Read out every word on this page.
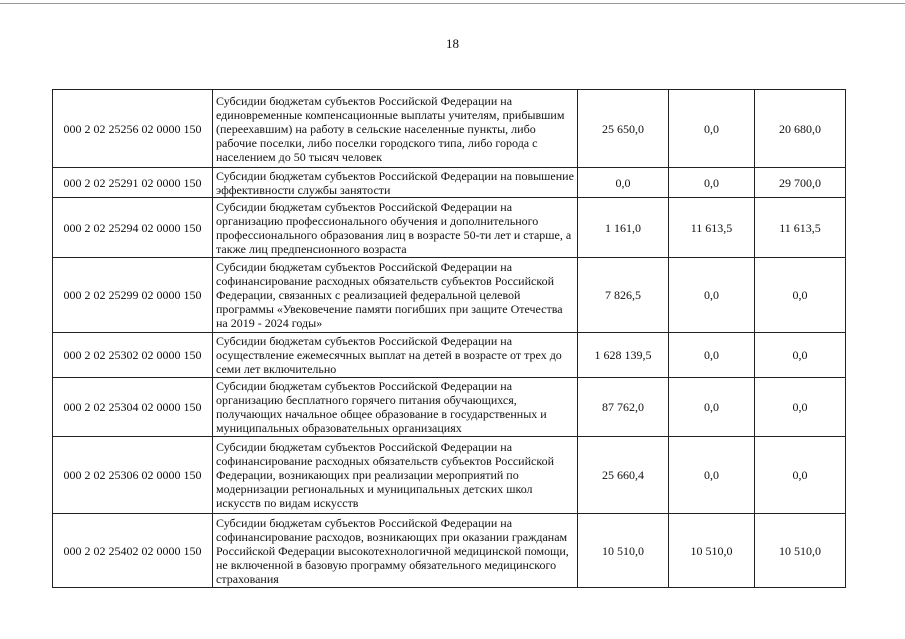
18
000 2 02 25256 02 0000 150	Субсидии бюджетам субъектов Российской Федерации на единовременные компенсационные выплаты учителям, прибывшим (переехавшим) на работу в сельские населенные пункты, либо рабочие поселки, либо поселки городского типа, либо города с населением до 50 тысяч человек	25 650,0	0,0	20 680,0
000 2 02 25291 02 0000 150	Субсидии бюджетам субъектов Российской Федерации на повышение эффективности службы занятости	0,0	0,0	29 700,0
000 2 02 25294 02 0000 150	Субсидии бюджетам субъектов Российской Федерации на организацию профессионального обучения и дополнительного профессионального образования лиц в возрасте 50-ти лет и старше, а также лиц предпенсионного возраста	1 161,0	11 613,5	11 613,5
000 2 02 25299 02 0000 150	Субсидии бюджетам субъектов Российской Федерации на софинансирование расходных обязательств субъектов Российской Федерации, связанных с реализацией федеральной целевой программы «Увековечение памяти погибших при защите Отечества на 2019 - 2024 годы»	7 826,5	0,0	0,0
000 2 02 25302 02 0000 150	Субсидии бюджетам субъектов Российской Федерации на осуществление ежемесячных выплат на детей в возрасте от трех до семи лет включительно	1 628 139,5	0,0	0,0
000 2 02 25304 02 0000 150	Субсидии бюджетам субъектов Российской Федерации на организацию бесплатного горячего питания обучающихся, получающих начальное общее образование в государственных и муниципальных образовательных организациях	87 762,0	0,0	0,0
000 2 02 25306 02 0000 150	Субсидии бюджетам субъектов Российской Федерации на софинансирование расходных обязательств субъектов Российской Федерации, возникающих при реализации мероприятий по модернизации региональных и муниципальных детских школ искусств по видам искусств	25 660,4	0,0	0,0
000 2 02 25402 02 0000 150	Субсидии бюджетам субъектов Российской Федерации на софинансирование расходов, возникающих при оказании гражданам Российской Федерации высокотехнологичной медицинской помощи, не включенной в базовую программу обязательного медицинского страхования	10 510,0	10 510,0	10 510,0
